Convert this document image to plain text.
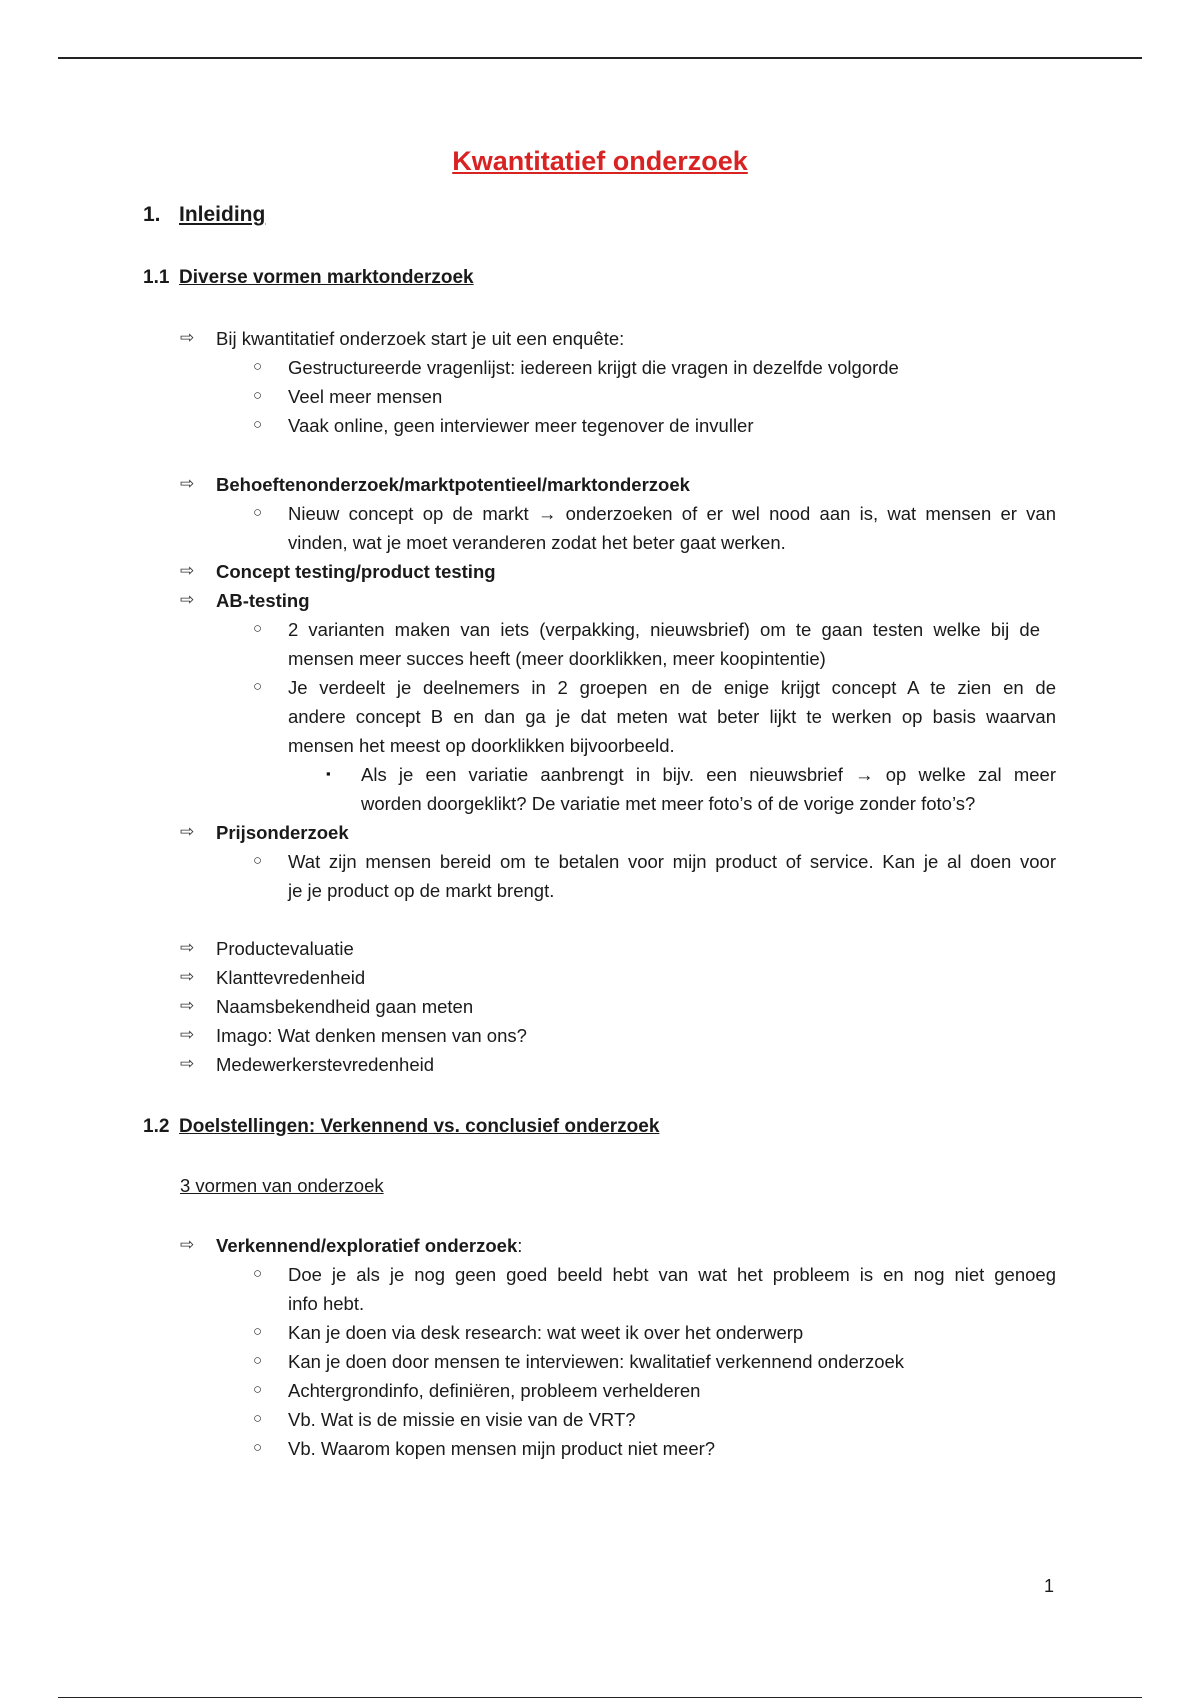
Kwantitatief onderzoek
1. Inleiding
1.1 Diverse vormen marktonderzoek
⇨ Bij kwantitatief onderzoek start je uit een enquête:
○ Gestructureerde vragenlijst: iedereen krijgt die vragen in dezelfde volgorde
○ Veel meer mensen
○ Vaak online, geen interviewer meer tegenover de invuller
⇨ Behoeftenonderzoek/marktpotentieel/marktonderzoek
○ Nieuw concept op de markt → onderzoeken of er wel nood aan is, wat mensen er van
vinden, wat je moet veranderen zodat het beter gaat werken.
⇨ Concept testing/product testing
⇨ AB-testing
○ 2 varianten maken van iets (verpakking, nieuwsbrief) om te gaan testen welke bij de
mensen meer succes heeft (meer doorklikken, meer koopintentie)
○ Je verdeelt je deelnemers in 2 groepen en de enige krijgt concept A te zien en de
andere concept B en dan ga je dat meten wat beter lijkt te werken op basis waarvan
mensen het meest op doorklikken bijvoorbeeld.
▪ Als je een variatie aanbrengt in bijv. een nieuwsbrief → op welke zal meer
worden doorgeklikt? De variatie met meer foto’s of de vorige zonder foto’s?
⇨ Prijsonderzoek
○ Wat zijn mensen bereid om te betalen voor mijn product of service. Kan je al doen voor
je je product op de markt brengt.
⇨ Productevaluatie
⇨ Klanttevredenheid
⇨ Naamsbekendheid gaan meten
⇨ Imago: Wat denken mensen van ons?
⇨ Medewerkerstevredenheid
1.2 Doelstellingen: Verkennend vs. conclusief onderzoek
3 vormen van onderzoek
⇨ Verkennend/exploratief onderzoek:
○ Doe je als je nog geen goed beeld hebt van wat het probleem is en nog niet genoeg
info hebt.
○ Kan je doen via desk research: wat weet ik over het onderwerp
○ Kan je doen door mensen te interviewen: kwalitatief verkennend onderzoek
○ Achtergrondinfo, definiëren, probleem verhelderen
○ Vb. Wat is de missie en visie van de VRT?
○ Vb. Waarom kopen mensen mijn product niet meer?
1
